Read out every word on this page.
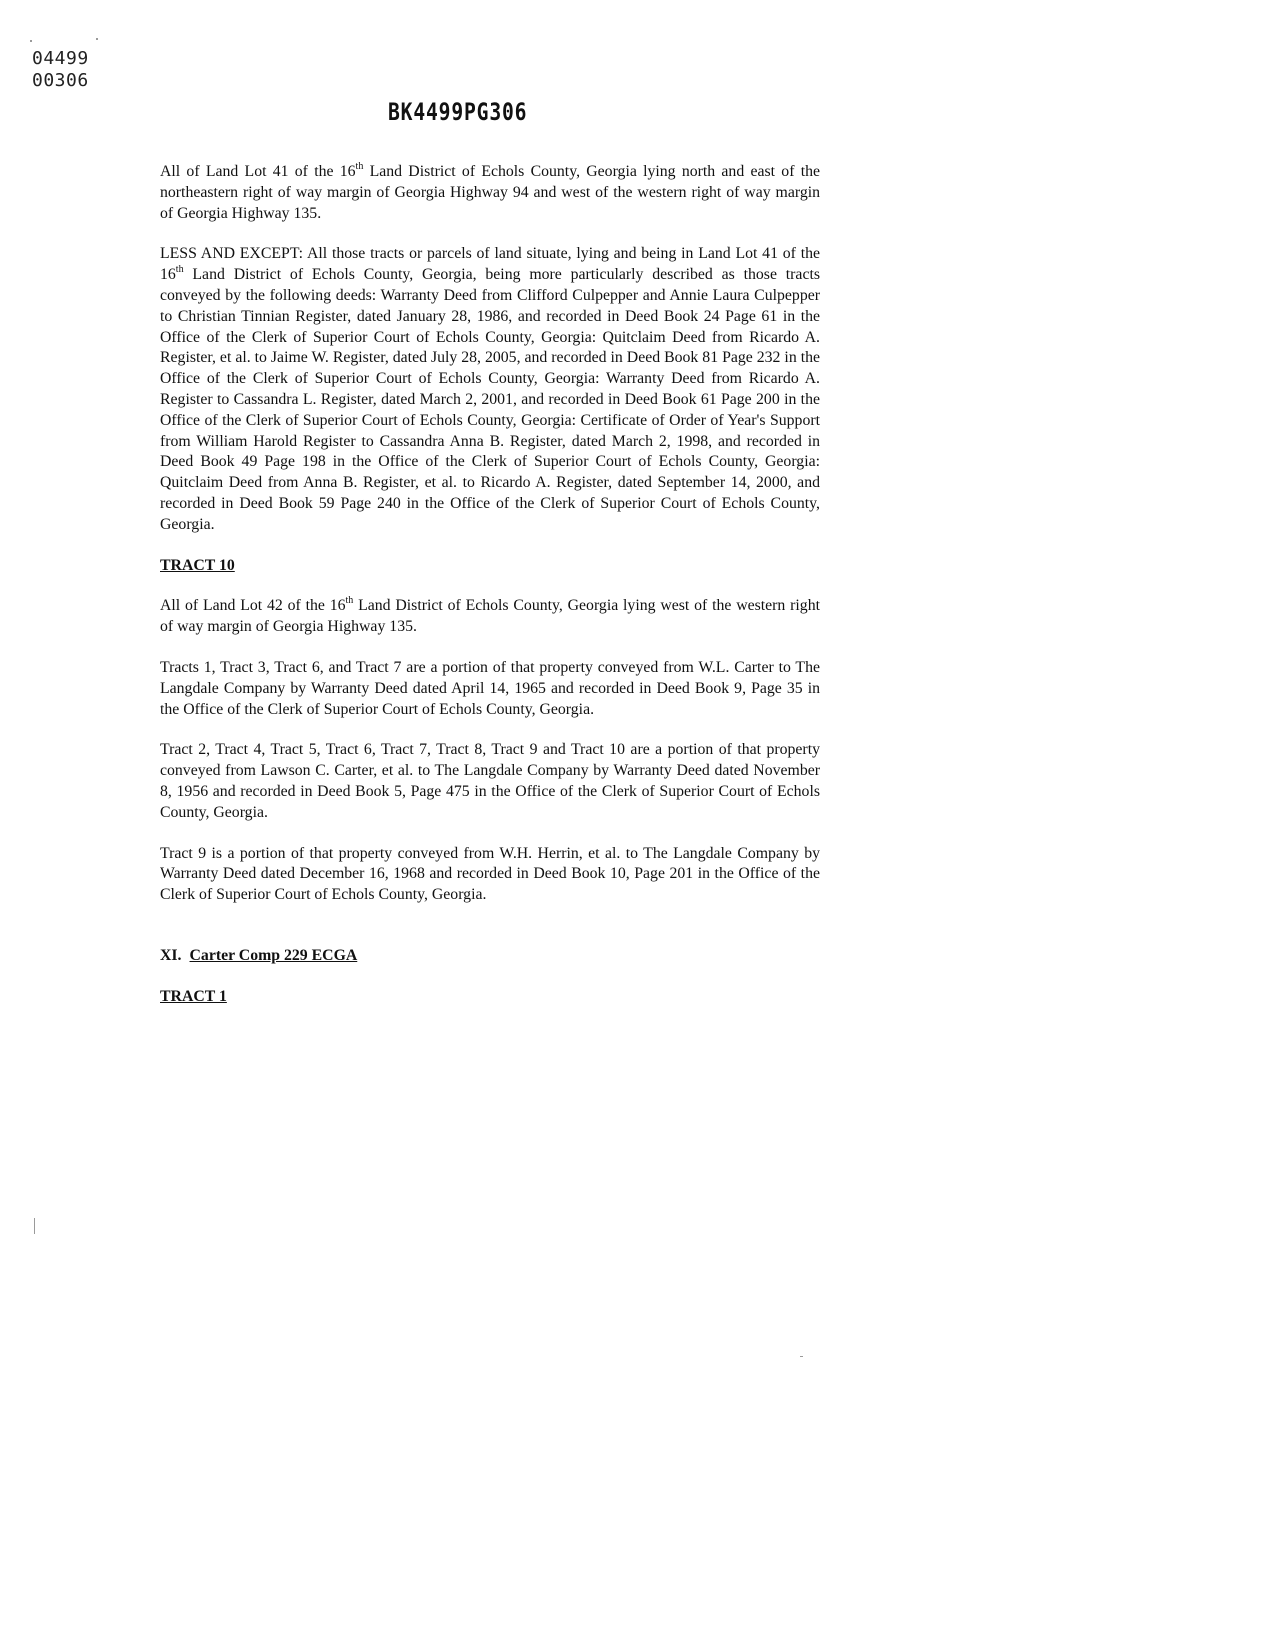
04499
00306
BK4499PG306

All of Land Lot 41 of the 16th Land District of Echols County, Georgia lying north and east of the northeastern right of way margin of Georgia Highway 94 and west of the western right of way margin of Georgia Highway 135.

LESS AND EXCEPT: All those tracts or parcels of land situate, lying and being in Land Lot 41 of the 16th Land District of Echols County, Georgia, being more particularly described as those tracts conveyed by the following deeds: Warranty Deed from Clifford Culpepper and Annie Laura Culpepper to Christian Tinnian Register, dated January 28, 1986, and recorded in Deed Book 24 Page 61 in the Office of the Clerk of Superior Court of Echols County, Georgia: Quitclaim Deed from Ricardo A. Register, et al. to Jaime W. Register, dated July 28, 2005, and recorded in Deed Book 81 Page 232 in the Office of the Clerk of Superior Court of Echols County, Georgia: Warranty Deed from Ricardo A. Register to Cassandra L. Register, dated March 2, 2001, and recorded in Deed Book 61 Page 200 in the Office of the Clerk of Superior Court of Echols County, Georgia: Certificate of Order of Year's Support from William Harold Register to Cassandra Anna B. Register, dated March 2, 1998, and recorded in Deed Book 49 Page 198 in the Office of the Clerk of Superior Court of Echols County, Georgia: Quitclaim Deed from Anna B. Register, et al. to Ricardo A. Register, dated September 14, 2000, and recorded in Deed Book 59 Page 240 in the Office of the Clerk of Superior Court of Echols County, Georgia.

TRACT 10

All of Land Lot 42 of the 16th Land District of Echols County, Georgia lying west of the western right of way margin of Georgia Highway 135.

Tracts 1, Tract 3, Tract 6, and Tract 7 are a portion of that property conveyed from W.L. Carter to The Langdale Company by Warranty Deed dated April 14, 1965 and recorded in Deed Book 9, Page 35 in the Office of the Clerk of Superior Court of Echols County, Georgia.

Tract 2, Tract 4, Tract 5, Tract 6, Tract 7, Tract 8, Tract 9 and Tract 10 are a portion of that property conveyed from Lawson C. Carter, et al. to The Langdale Company by Warranty Deed dated November 8, 1956 and recorded in Deed Book 5, Page 475 in the Office of the Clerk of Superior Court of Echols County, Georgia.

Tract 9 is a portion of that property conveyed from W.H. Herrin, et al. to The Langdale Company by Warranty Deed dated December 16, 1968 and recorded in Deed Book 10, Page 201 in the Office of the Clerk of Superior Court of Echols County, Georgia.

XI. Carter Comp 229 ECGA
TRACT 1
